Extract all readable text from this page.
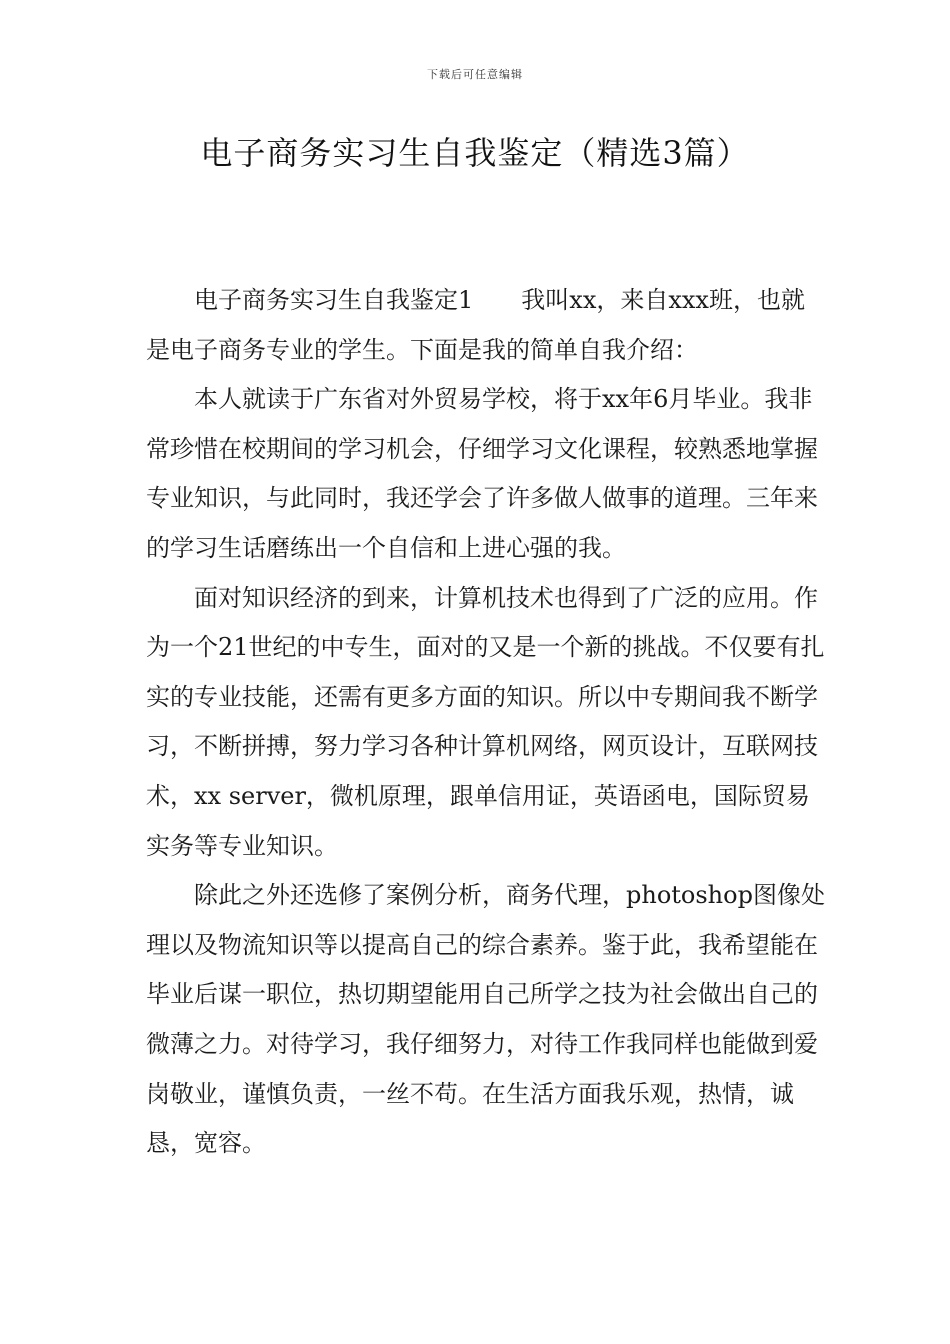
下载后可任意编辑
电子商务实习生自我鉴定（精选3篇）

电子商务实习生自我鉴定1 我叫xx，来自xxx班，也就是电子商务专业的学生。下面是我的简单自我介绍：

本人就读于广东省对外贸易学校，将于xx年6月毕业。我非常珍惜在校期间的学习机会，仔细学习文化课程，较熟悉地掌握专业知识，与此同时，我还学会了许多做人做事的道理。三年来的学习生话磨练出一个自信和上进心强的我。

面对知识经济的到来，计算机技术也得到了广泛的应用。作为一个21世纪的中专生，面对的又是一个新的挑战。不仅要有扎实的专业技能，还需有更多方面的知识。所以中专期间我不断学习，不断拼搏，努力学习各种计算机网络，网页设计，互联网技术，xx server，微机原理，跟单信用证，英语函电，国际贸易实务等专业知识。

除此之外还选修了案例分析，商务代理，photoshop图像处理以及物流知识等以提高自己的综合素养。鉴于此，我希望能在毕业后谋一职位，热切期望能用自己所学之技为社会做出自己的微薄之力。对待学习，我仔细努力，对待工作我同样也能做到爱岗敬业，谨慎负责，一丝不苟。在生活方面我乐观，热情，诚恳，宽容。
